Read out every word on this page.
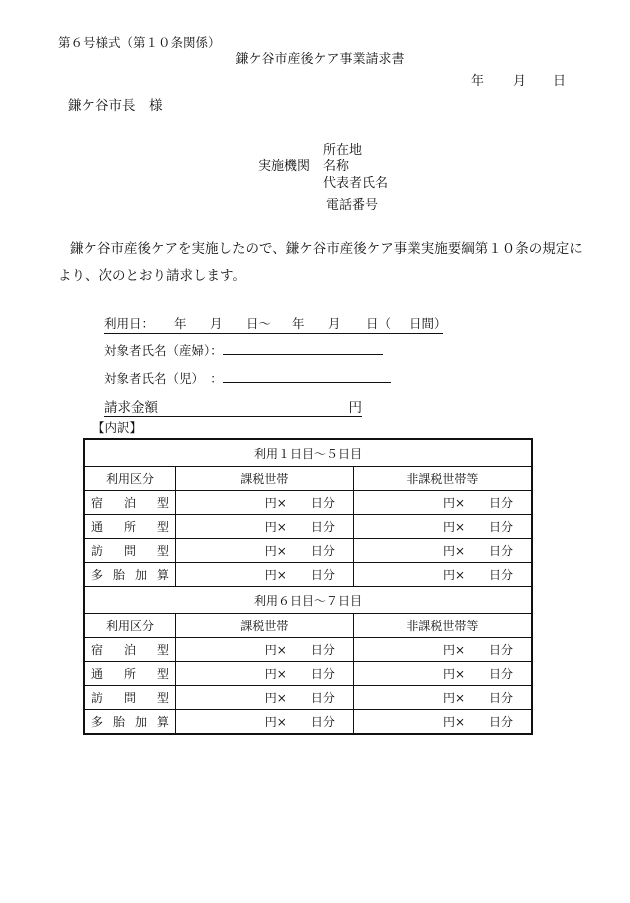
第６号様式（第１０条関係）
鎌ケ谷市産後ケア事業請求書
年 月 日
鎌ケ谷市長　様
所在地
実施機関 名称
代表者氏名
電話番号
鎌ケ谷市産後ケアを実施したので、鎌ケ谷市産後ケア事業実施要綱第１０条の規定により、次のとおり請求します。
利用日： 年 月 日〜 年 月 日（ 日間）
対象者氏名（産婦）：
対象者氏名（児）　：
請求金額	円
【内訳】
利用１日目〜５日目		
利用区分	課税世帯	非課税世帯等

宿 泊 型	円× 日分	円× 日分

通 所 型	円× 日分	円× 日分

訪 問 型	円× 日分	円× 日分

多 胎 加 算	円× 日分	円× 日分
利用６日目〜７日目		
利用区分	課税世帯	非課税世帯等

宿 泊 型	円× 日分	円× 日分

通 所 型	円× 日分	円× 日分

訪 問 型	円× 日分	円× 日分

多 胎 加 算	円× 日分	円× 日分
